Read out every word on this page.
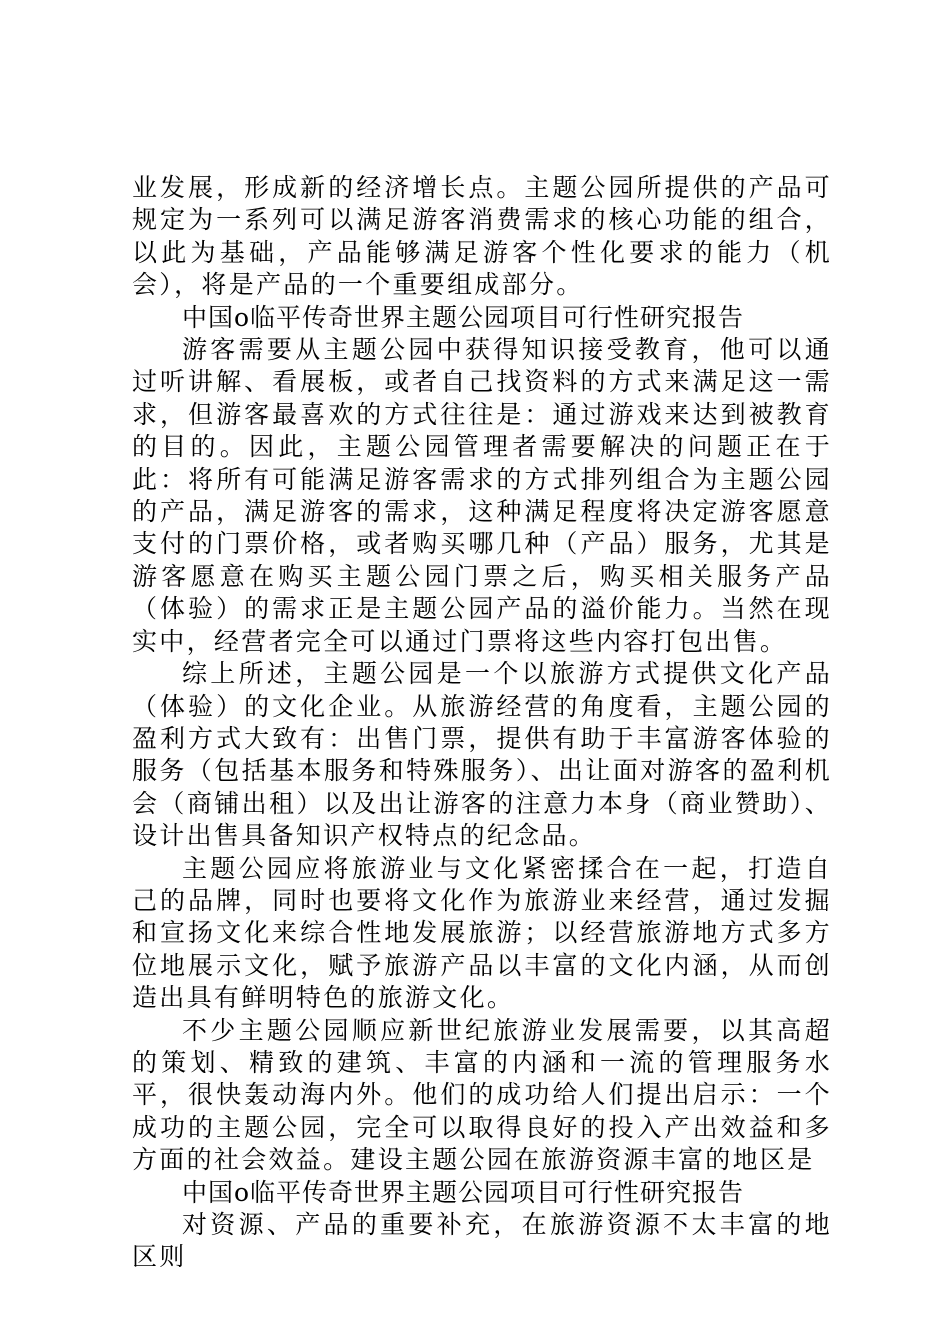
业发展，形成新的经济增长点。主题公园所提供的产品可规定为一系列可以满足游客消费需求的核心功能的组合，以此为基础，产品能够满足游客个性化要求的能力（机会），将是产品的一个重要组成部分。

中国o临平传奇世界主题公园项目可行性研究报告

游客需要从主题公园中获得知识接受教育，他可以通过听讲解、看展板，或者自己找资料的方式来满足这一需求，但游客最喜欢的方式往往是：通过游戏来达到被教育的目的。因此，主题公园管理者需要解决的问题正在于此：将所有可能满足游客需求的方式排列组合为主题公园的产品，满足游客的需求，这种满足程度将决定游客愿意支付的门票价格，或者购买哪几种（产品）服务，尤其是游客愿意在购买主题公园门票之后，购买相关服务产品（体验）的需求正是主题公园产品的溢价能力。当然在现实中，经营者完全可以通过门票将这些内容打包出售。

综上所述，主题公园是一个以旅游方式提供文化产品（体验）的文化企业。从旅游经营的角度看，主题公园的盈利方式大致有：出售门票，提供有助于丰富游客体验的服务（包括基本服务和特殊服务）、出让面对游客的盈利机会（商铺出租）以及出让游客的注意力本身（商业赞助）、设计出售具备知识产权特点的纪念品。

主题公园应将旅游业与文化紧密揉合在一起，打造自己的品牌，同时也要将文化作为旅游业来经营，通过发掘和宣扬文化来综合性地发展旅游；以经营旅游地方式多方位地展示文化，赋予旅游产品以丰富的文化内涵，从而创造出具有鲜明特色的旅游文化。

不少主题公园顺应新世纪旅游业发展需要，以其高超的策划、精致的建筑、丰富的内涵和一流的管理服务水平，很快轰动海内外。他们的成功给人们提出启示：一个成功的主题公园，完全可以取得良好的投入产出效益和多方面的社会效益。建设主题公园在旅游资源丰富的地区是

中国o临平传奇世界主题公园项目可行性研究报告

对资源、产品的重要补充，在旅游资源不太丰富的地区则
